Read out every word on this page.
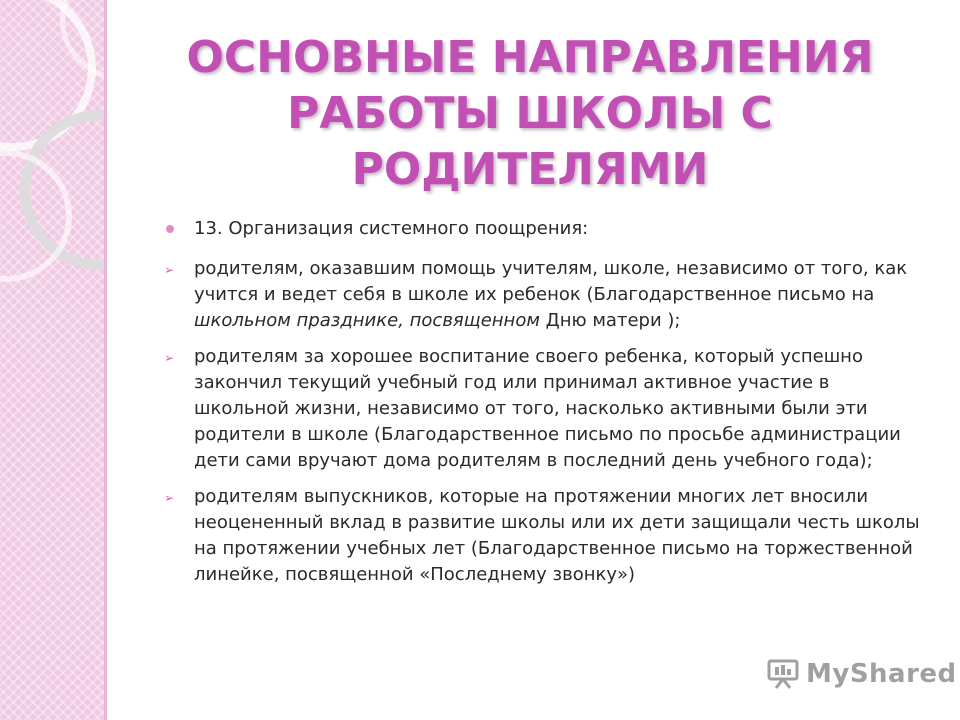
ОСНОВНЫЕ НАПРАВЛЕНИЯ РАБОТЫ ШКОЛЫ С РОДИТЕЛЯМИ

13. Организация системного поощрения:

➢ родителям, оказавшим помощь учителям, школе, независимо от того, как учится и ведет себя в школе их ребенок (Благодарственное письмо на школьном празднике, посвященном Дню матери );

➢ родителям за хорошее воспитание своего ребенка, который успешно закончил текущий учебный год или принимал активное участие в школьной жизни, независимо от того, насколько активными были эти родители в школе (Благодарственное письмо по просьбе администрации дети сами вручают дома родителям в последний день учебного года);

➢ родителям выпускников, которые на протяжении многих лет вносили неоцененный вклад в развитие школы или их дети защищали честь школы на протяжении учебных лет (Благодарственное письмо на торжественной линейке, посвященной «Последнему звонку»)

MyShared
